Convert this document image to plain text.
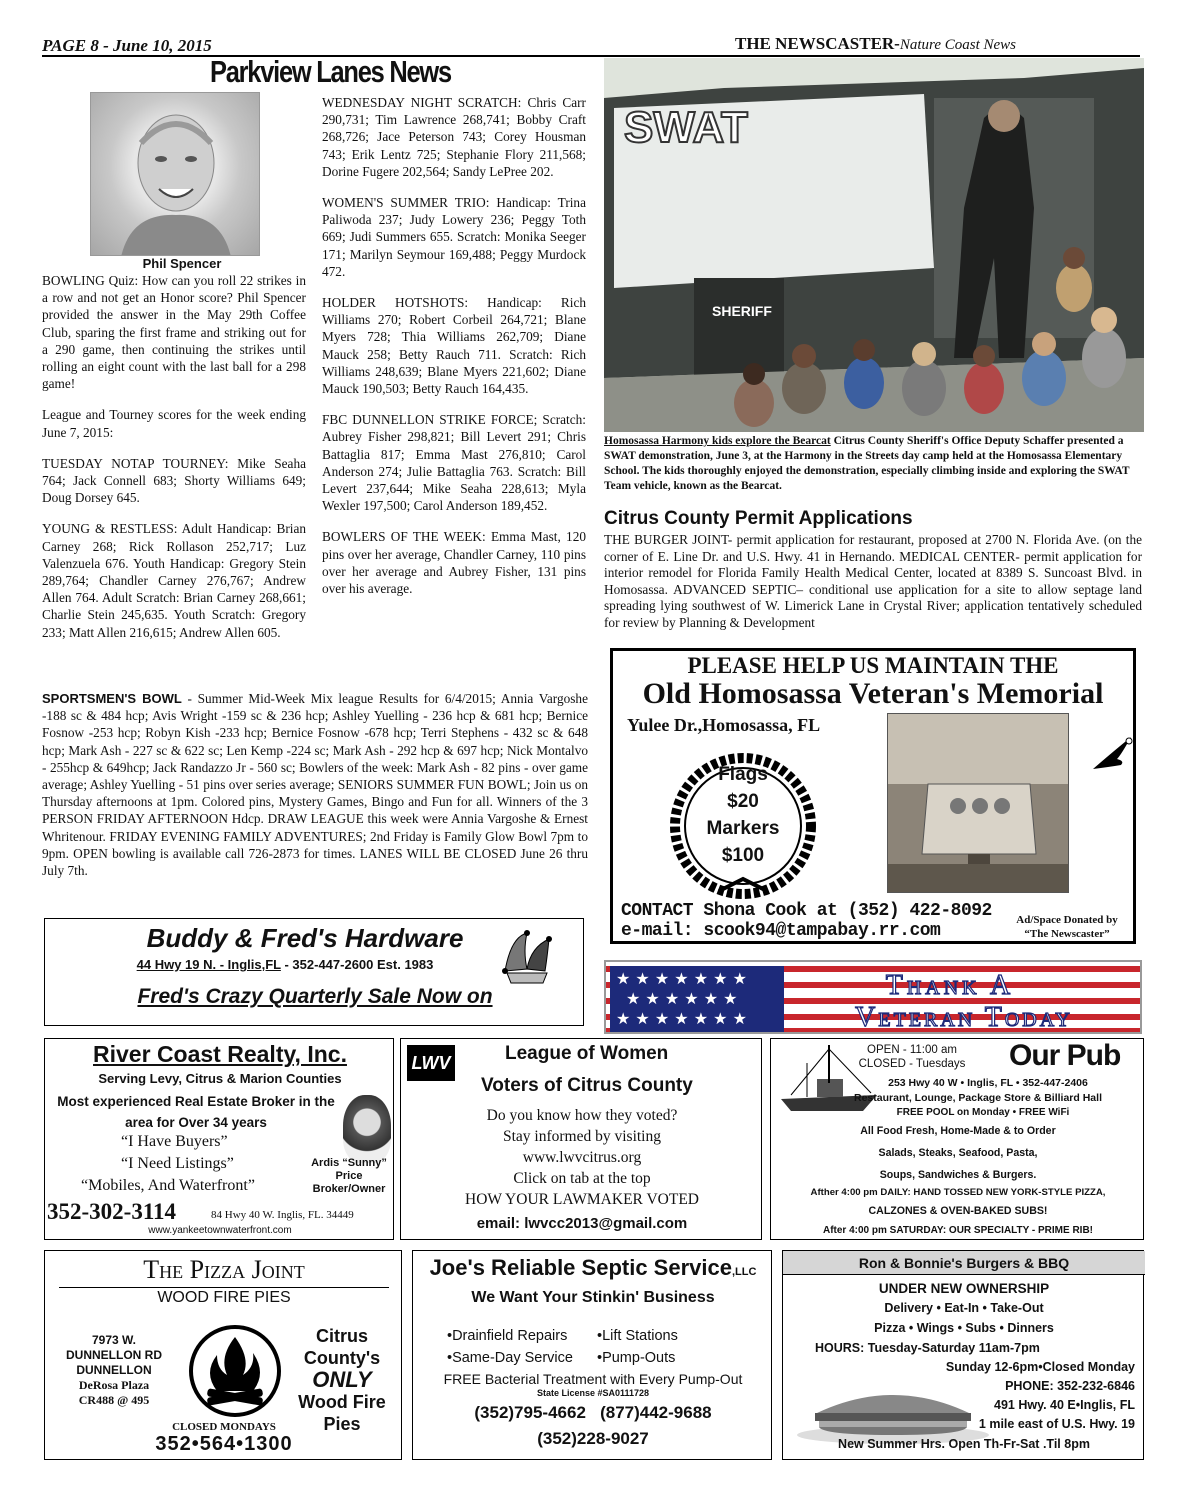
PAGE 8 - June 10, 2015	THE NEWSCASTER-Nature Coast News
Parkview Lanes News
Phil Spencer

BOWLING Quiz: How can you roll 22 strikes in a row and not get an Honor score? Phil Spencer provided the answer in the May 29th Coffee Club, sparing the first frame and striking out for a 290 game, then continuing the strikes until rolling an eight count with the last ball for a 298 game!

League and Tourney scores for the week ending June 7, 2015:

TUESDAY NOTAP TOURNEY: Mike Seaha 764; Jack Connell 683; Shorty Williams 649; Doug Dorsey 645.

YOUNG & RESTLESS: Adult Handicap: Brian Carney 268; Rick Rollason 252,717; Luz Valenzuela 676. Youth Handicap: Gregory Stein 289,764; Chandler Carney 276,767; Andrew Allen 764. Adult Scratch: Brian Carney 268,661; Charlie Stein 245,635. Youth Scratch: Gregory 233; Matt Allen 216,615; Andrew Allen 605.

WEDNESDAY NIGHT SCRATCH: Chris Carr 290,731; Tim Lawrence 268,741; Bobby Craft 268,726; Jace Peterson 743; Corey Housman 743; Erik Lentz 725; Stephanie Flory 211,568; Dorine Fugere 202,564; Sandy LePree 202.

WOMEN'S SUMMER TRIO: Handicap: Trina Paliwoda 237; Judy Lowery 236; Peggy Toth 669; Judi Summers 655. Scratch: Monika Seeger 171; Marilyn Seymour 169,488; Peggy Murdock 472.

HOLDER HOTSHOTS: Handicap: Rich Williams 270; Robert Corbeil 264,721; Blane Myers 728; Thia Williams 262,709; Diane Mauck 258; Betty Rauch 711. Scratch: Rich Williams 248,639; Blane Myers 221,602; Diane Mauck 190,503; Betty Rauch 164,435.

FBC DUNNELLON STRIKE FORCE; Scratch: Aubrey Fisher 298,821; Bill Levert 291; Chris Battaglia 817; Emma Mast 276,810; Carol Anderson 274; Julie Battaglia 763. Scratch: Bill Levert 237,644; Mike Seaha 228,613; Myla Wexler 197,500; Carol Anderson 189,452.

BOWLERS OF THE WEEK: Emma Mast, 120 pins over her average, Chandler Carney, 110 pins over her average and Aubrey Fisher, 131 pins over his average.

SPORTSMEN'S BOWL - Summer Mid-Week Mix league Results for 6/4/2015; Annia Vargoshe -188 sc & 484 hcp; Avis Wright -159 sc & 236 hcp; Ashley Yuelling - 236 hcp & 681 hcp; Bernice Fosnow -253 hcp; Robyn Kish -233 hcp; Bernice Fosnow -678 hcp; Terri Stephens - 432 sc & 648 hcp; Mark Ash - 227 sc & 622 sc; Len Kemp -224 sc; Mark Ash - 292 hcp & 697 hcp; Nick Montalvo - 255hcp & 649hcp; Jack Randazzo Jr - 560 sc; Bowlers of the week: Mark Ash - 82 pins - over game average; Ashley Yuelling - 51 pins over series average; SENIORS SUMMER FUN BOWL; Join us on Thursday afternoons at 1pm. Colored pins, Mystery Games, Bingo and Fun for all. Winners of the 3 PERSON FRIDAY AFTERNOON Hdcp. DRAW LEAGUE this week were Annia Vargoshe & Ernest Whritenour. FRIDAY EVENING FAMILY ADVENTURES; 2nd Friday is Family Glow Bowl 7pm to 9pm. OPEN bowling is available call 726-2873 for times. LANES WILL BE CLOSED June 26 thru July 7th.
Buddy & Fred's Hardware
44 Hwy 19 N. - Inglis,FL - 352-447-2600 Est. 1983
Fred's Crazy Quarterly Sale Now on
River Coast Realty, Inc.
Serving Levy, Citrus & Marion Counties
Most experienced Real Estate Broker in the area for Over 34 years
“I Have Buyers”
“I Need Listings”
“Mobiles, And Waterfront”
Ardis “Sunny” Price Broker/Owner
352-302-3114	84 Hwy 40 W. Inglis, FL. 34449
www.yankeetownwaterfront.com
LWV	League of Women
Voters of Citrus County
Do you know how they voted?
Stay informed by visiting
www.lwvcitrus.org
Click on tab at the top
HOW YOUR LAWMAKER VOTED
email: lwvcc2013@gmail.com
OPEN - 11:00 am
CLOSED - Tuesdays	Our Pub
253 Hwy 40 W • Inglis, FL • 352-447-2406
Restaurant, Lounge, Package Store & Billiard Hall
FREE POOL on Monday • FREE WiFi
All Food Fresh, Home-Made & to Order
Salads, Steaks, Seafood, Pasta,
Soups, Sandwiches & Burgers.
Afther 4:00 pm DAILY: HAND TOSSED NEW YORK-STYLE PIZZA,
CALZONES & OVEN-BAKED SUBS!
After 4:00 pm SATURDAY: OUR SPECIALTY - PRIME RIB!
The Pizza Joint
WOOD FIRE PIES
7973 W.
DUNNELLON RD
DUNNELLON
DeRosa Plaza
CR488 @ 495
Citrus County's
ONLY
Wood Fire Pies
CLOSED MONDAYS
352•564•1300
Joe's Reliable Septic Service,LLC
We Want Your Stinkin' Business
•Drainfield Repairs •Lift Stations •Same-Day Service •Pump-Outs
FREE Bacterial Treatment with Every Pump-Out
State License #SA0111728
(352)795-4662 (877)442-9688
(352)228-9027
Ron & Bonnie's Burgers & BBQ
UNDER NEW OWNERSHIP
Delivery • Eat-In • Take-Out
Pizza • Wings • Subs • Dinners
HOURS: Tuesday-Saturday 11am-7pm
Sunday 12-6pm•Closed Monday
PHONE: 352-232-6846
491 Hwy. 40 E•Inglis, FL
1 mile east of U.S. Hwy. 19
New Summer Hrs. Open Th-Fr-Sat .Til 8pm
SWAT
SHERIFF
Homosassa Harmony kids explore the Bearcat Citrus County Sheriff's Office Deputy Schaffer presented a SWAT demonstration, June 3, at the Harmony in the Streets day camp held at the Homosassa Elementary School. The kids thoroughly enjoyed the demonstration, especially climbing inside and exploring the SWAT Team vehicle, known as the Bearcat.
Citrus County Permit Applications
THE BURGER JOINT- permit application for restaurant, proposed at 2700 N. Florida Ave. (on the corner of E. Line Dr. and U.S. Hwy. 41 in Hernando. MEDICAL CENTER- permit application for interior remodel for Florida Family Health Medical Center, located at 8389 S. Suncoast Blvd. in Homosassa. ADVANCED SEPTIC– conditional use application for a site to allow septage land spreading lying southwest of W. Limerick Lane in Crystal River; application tentatively scheduled for review by Planning & Development
PLEASE HELP US MAINTAIN THE
Old Homosassa Veteran's Memorial
Yulee Dr.,Homosassa, FL
Flags
$20
Markers
$100
CONTACT Shona Cook at (352) 422-8092
e-mail: scook94@tampabay.rr.com
Ad/Space Donated by “The Newscaster”
★ ★ ★ ★ ★ ★ ★
★ ★ ★ ★ ★ ★
★ ★ ★ ★ ★ ★ ★
Thank A
Veteran Today
